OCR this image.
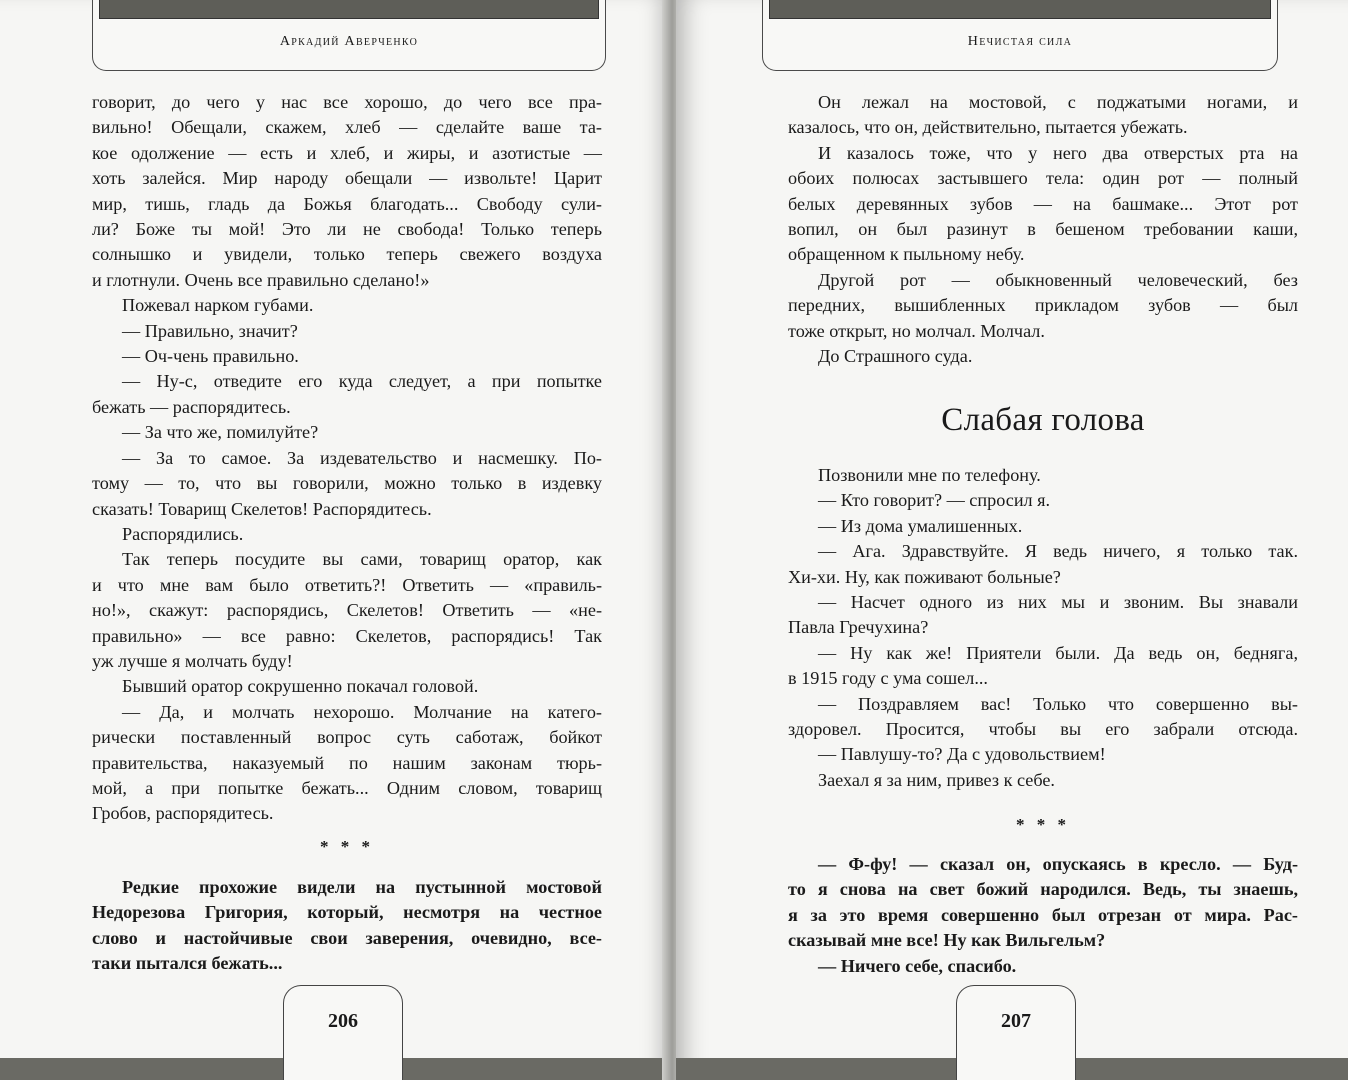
Аркадий Аверченко

говорит, до чего у нас все хорошо, до чего все пра-

вильно! Обещали, скажем, хлеб — сделайте ваше та-

кое одолжение — есть и хлеб, и жиры, и азотистые —

хоть залейся. Мир народу обещали — извольте! Царит

мир, тишь, гладь да Божья благодать... Свободу сули-

ли? Боже ты мой! Это ли не свобода! Только теперь

солнышко и увидели, только теперь свежего воздуха

и глотнули. Очень все правильно сделано!»

Пожевал нарком губами.

— Правильно, значит?

— Оч-чень правильно.

— Ну-с, отведите его куда следует, а при попытке

бежать — распорядитесь.

— За что же, помилуйте?

— За то самое. За издевательство и насмешку. По-

тому — то, что вы говорили, можно только в издевку

сказать! Товарищ Скелетов! Распорядитесь.

Распорядились.

Так теперь посудите вы сами, товарищ оратор, как

и что мне вам было ответить?! Ответить — «правиль-

но!», скажут: распорядись, Скелетов! Ответить — «не-

правильно» — все равно: Скелетов, распорядись! Так

уж лучше я молчать буду!

Бывший оратор сокрушенно покачал головой.

— Да, и молчать нехорошо. Молчание на катего-

рически поставленный вопрос суть саботаж, бойкот

правительства, наказуемый по нашим законам тюрь-

мой, а при попытке бежать... Одним словом, товарищ

Гробов, распорядитесь.

* * *

Редкие прохожие видели на пустынной мостовой

Недорезова Григория, который, несмотря на честное

слово и настойчивые свои заверения, очевидно, все-

таки пытался бежать...

206
Нечистая сила

Он лежал на мостовой, с поджатыми ногами, и

казалось, что он, действительно, пытается убежать.

И казалось тоже, что у него два отверстых рта на

обоих полюсах застывшего тела: один рот — полный

белых деревянных зубов — на башмаке... Этот рот

вопил, он был разинут в бешеном требовании каши,

обращенном к пыльному небу.

Другой рот — обыкновенный человеческий, без

передних, вышибленных прикладом зубов — был

тоже открыт, но молчал. Молчал.

До Страшного суда.

Слабая голова

Позвонили мне по телефону.

— Кто говорит? — спросил я.

— Из дома умалишенных.

— Ага. Здравствуйте. Я ведь ничего, я только так.

Хи-хи. Ну, как поживают больные?

— Насчет одного из них мы и звоним. Вы знавали

Павла Гречухина?

— Ну как же! Приятели были. Да ведь он, бедняга,

в 1915 году с ума сошел...

— Поздравляем вас! Только что совершенно вы-

здоровел. Просится, чтобы вы его забрали отсюда.

— Павлушу-то? Да с удовольствием!

Заехал я за ним, привез к себе.

* * *

— Ф-фу! — сказал он, опускаясь в кресло. — Буд-

то я снова на свет божий народился. Ведь, ты знаешь,

я за это время совершенно был отрезан от мира. Рас-

сказывай мне все! Ну как Вильгельм?

— Ничего себе, спасибо.

207
